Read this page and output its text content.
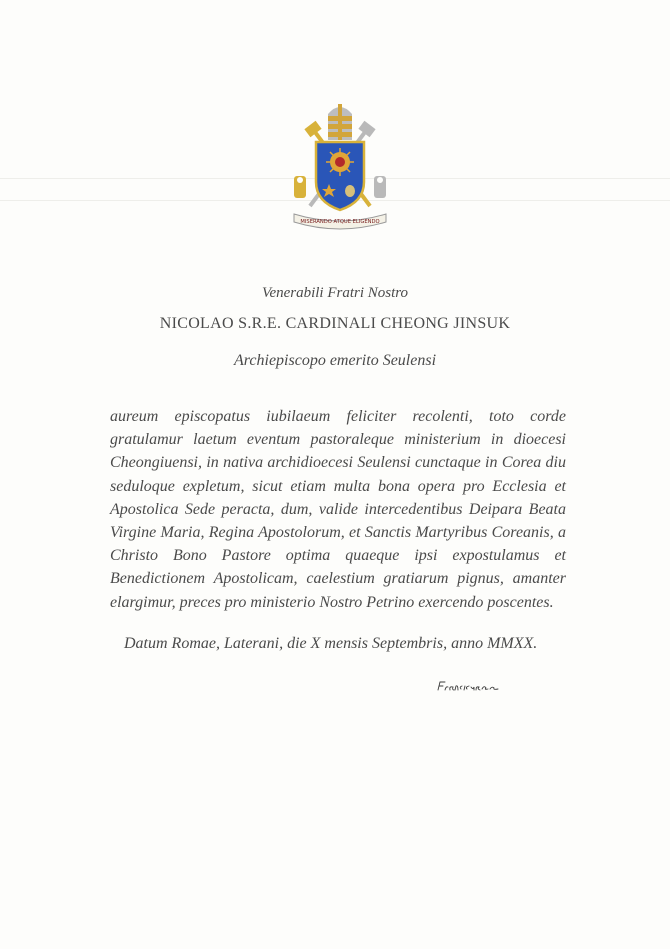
MISERANDO ATQUE ELIGENDO
Venerabili Fratri Nostro
NICOLAO S.R.E. CARDINALI CHEONG JINSUK
Archiepiscopo emerito Seulensi

aureum episcopatus iubilaeum feliciter recolenti, toto corde gratulamur laetum eventum pastoraleque ministerium in dioecesi Cheongiuensi, in nativa archidioecesi Seulensi cunctaque in Corea diu seduloque expletum, sicut etiam multa bona opera pro Ecclesia et Apostolica Sede peracta, dum, valide intercedentibus Deipara Beata Virgine Maria, Regina Apostolorum, et Sanctis Martyribus Coreanis, a Christo Bono Pastore optima quaeque ipsi expostulamus et Benedictionem Apostolicam, caelestium gratiarum pignus, amanter elargimur, preces pro ministerio Nostro Petrino exercendo poscentes.

Datum Romae, Laterani, die X mensis Septembris, anno MMXX.
